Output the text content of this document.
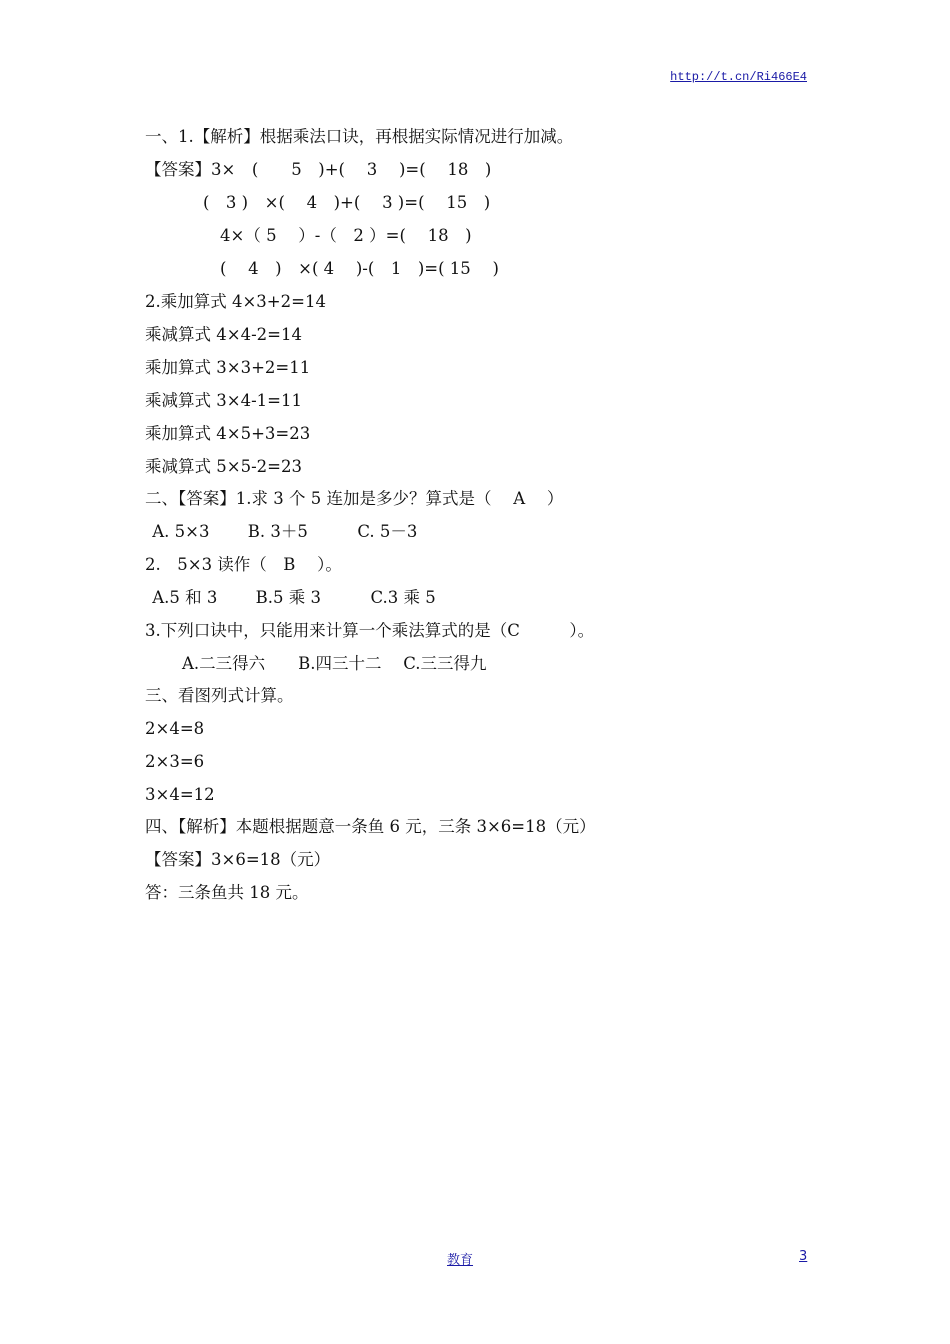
http://t.cn/Ri466E4
一、1.【解析】根据乘法口诀，再根据实际情况进行加减。
【答案】3×　(　　5　)+(　 3　 )=(　 18　)
(　3 )　×(　 4　)+(　 3 )=(　 15　)
4×（ 5　 ）-（　2 ）=(　 18　)
(　 4　)　×( 4　 )-(　1　)=( 15　 )
2.乘加算式 4×3+2=14
乘减算式 4×4-2=14
乘加算式 3×3+2=11
乘减算式 3×4-1=11
乘加算式 4×5+3=23
乘减算式 5×5-2=23
二、【答案】1.求 3 个 5 连加是多少？算式是（　 A　 ）
A. 5×3　　 B. 3＋5　　　C. 5－3
2.　5×3 读作（　B　 ）。
A.5 和 3　　 B.5 乘 3　　　C.3 乘 5
3.下列口诀中，只能用来计算一个乘法算式的是（C　　　）。
A.二三得六　　B.四三十二　 C.三三得九
三、看图列式计算。
2×4=8
2×3=6
3×4=12
四、【解析】本题根据题意一条鱼 6 元，三条 3×6=18（元）
【答案】3×6=18（元）
答：三条鱼共 18 元。
教育	3
